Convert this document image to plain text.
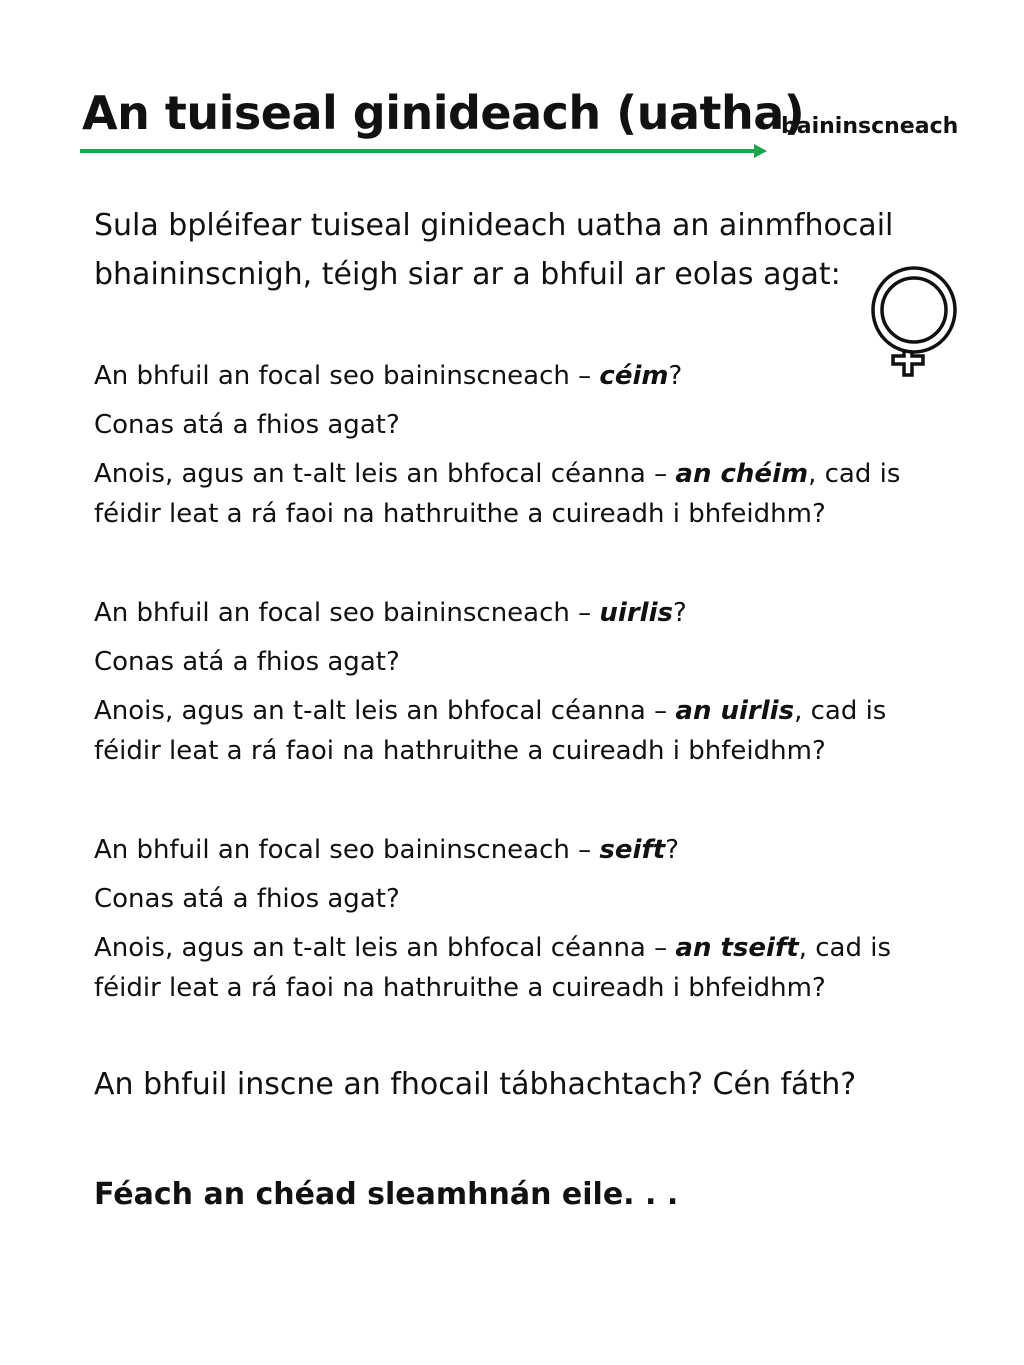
An tuiseal ginideach (uatha)
baininscneach

Sula bpléifear tuiseal ginideach uatha an ainmfhocail bhaininscnigh, téigh siar ar a bhfuil ar eolas agat:

An bhfuil an focal seo baininscneach – céim?

Conas atá a fhios agat?

Anois, agus an t-alt leis an bhfocal céanna – an chéim, cad is féidir leat a rá faoi na hathruithe a cuireadh i bhfeidhm?

An bhfuil an focal seo baininscneach – uirlis?

Conas atá a fhios agat?

Anois, agus an t-alt leis an bhfocal céanna – an uirlis, cad is féidir leat a rá faoi na hathruithe a cuireadh i bhfeidhm?

An bhfuil an focal seo baininscneach – seift?

Conas atá a fhios agat?

Anois, agus an t-alt leis an bhfocal céanna – an tseift, cad is féidir leat a rá faoi na hathruithe a cuireadh i bhfeidhm?

An bhfuil inscne an fhocail tábhachtach? Cén fáth?

Féach an chéad sleamhnán eile. . .
